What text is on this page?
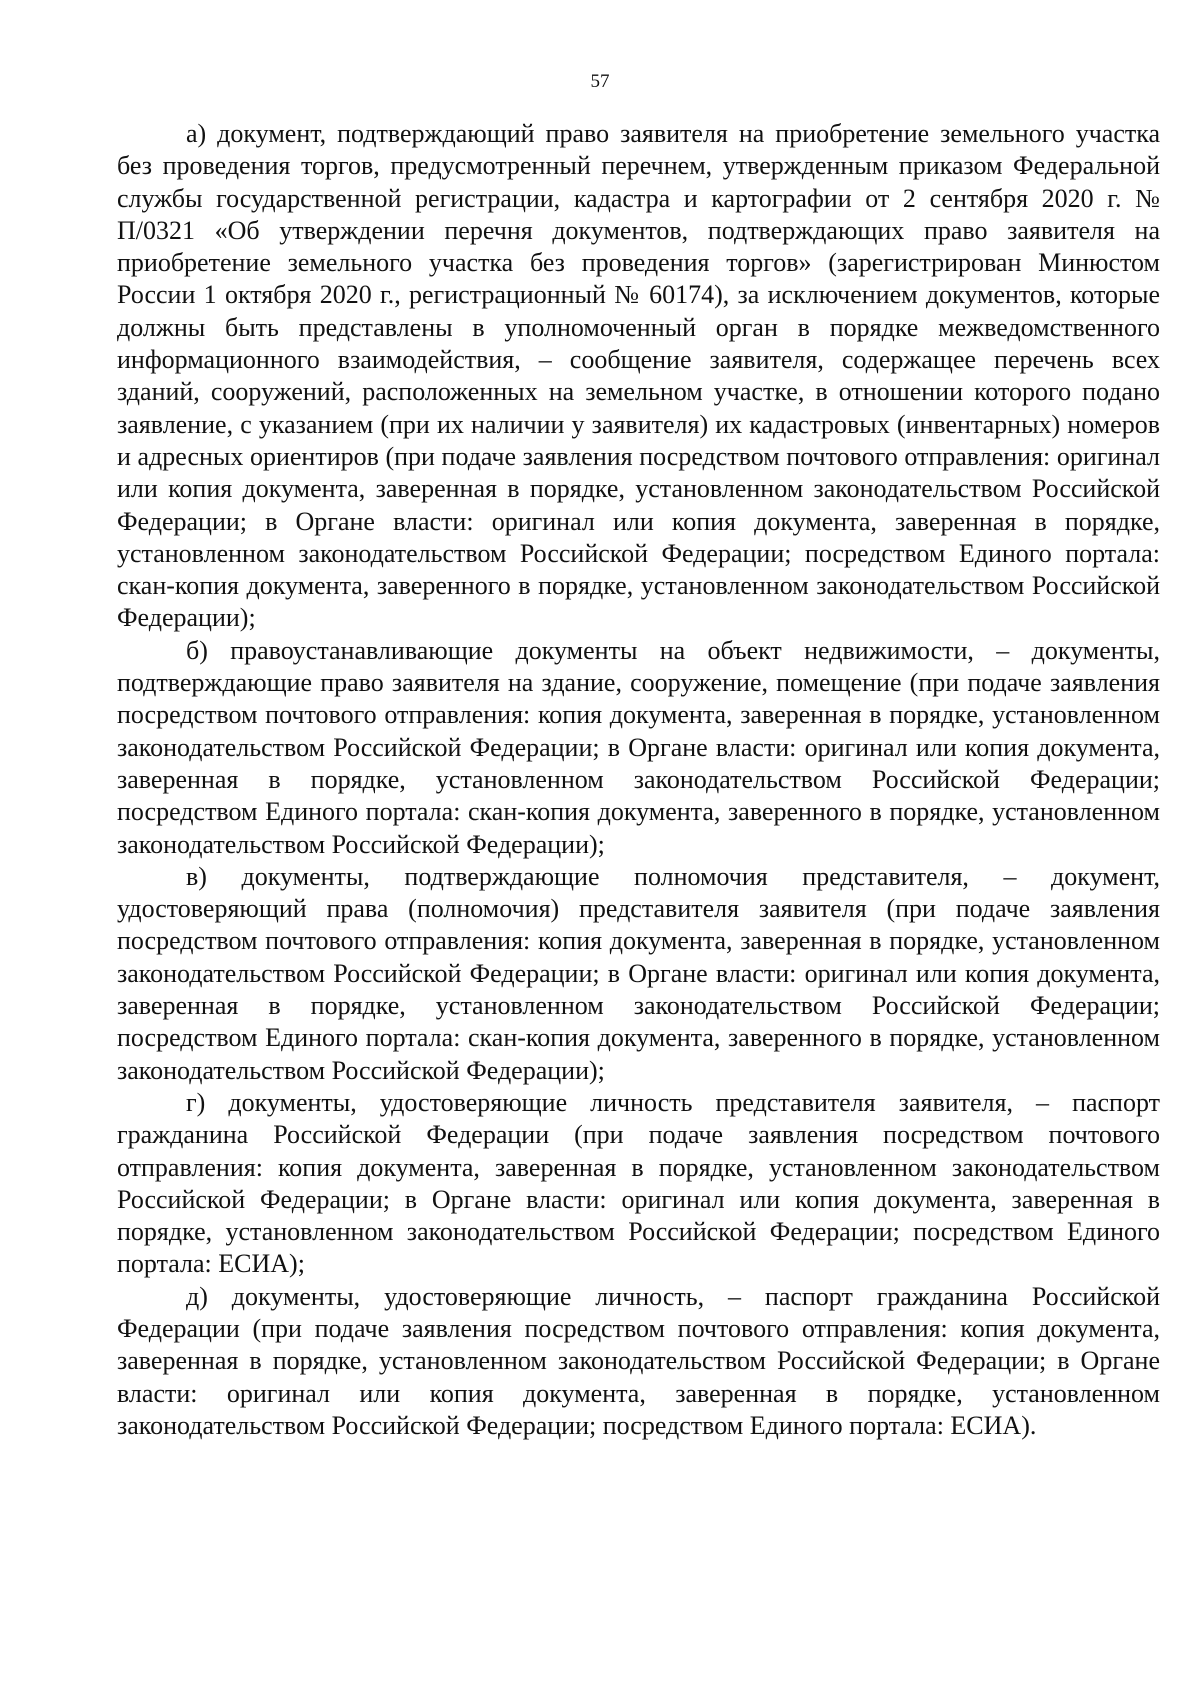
57

а) документ, подтверждающий право заявителя на приобретение земельного участка без проведения торгов, предусмотренный перечнем, утвержденным приказом Федеральной службы государственной регистрации, кадастра и картографии от 2 сентября 2020 г. № П/0321 «Об утверждении перечня документов, подтверждающих право заявителя на приобретение земельного участка без проведения торгов» (зарегистрирован Минюстом России 1 октября 2020 г., регистрационный № 60174), за исключением документов, которые должны быть представлены в уполномоченный орган в порядке межведомственного информационного взаимодействия, – сообщение заявителя, содержащее перечень всех зданий, сооружений, расположенных на земельном участке, в отношении которого подано заявление, с указанием (при их наличии у заявителя) их кадастровых (инвентарных) номеров и адресных ориентиров (при подаче заявления посредством почтового отправления: оригинал или копия документа, заверенная в порядке, установленном законодательством Российской Федерации; в Органе власти: оригинал или копия документа, заверенная в порядке, установленном законодательством Российской Федерации; посредством Единого портала: скан-копия документа, заверенного в порядке, установленном законодательством Российской Федерации);

б) правоустанавливающие документы на объект недвижимости, – документы, подтверждающие право заявителя на здание, сооружение, помещение (при подаче заявления посредством почтового отправления: копия документа, заверенная в порядке, установленном законодательством Российской Федерации; в Органе власти: оригинал или копия документа, заверенная в порядке, установленном законодательством Российской Федерации; посредством Единого портала: скан-копия документа, заверенного в порядке, установленном законодательством Российской Федерации);

в) документы, подтверждающие полномочия представителя, – документ, удостоверяющий права (полномочия) представителя заявителя (при подаче заявления посредством почтового отправления: копия документа, заверенная в порядке, установленном законодательством Российской Федерации; в Органе власти: оригинал или копия документа, заверенная в порядке, установленном законодательством Российской Федерации; посредством Единого портала: скан-копия документа, заверенного в порядке, установленном законодательством Российской Федерации);

г) документы, удостоверяющие личность представителя заявителя, – паспорт гражданина Российской Федерации (при подаче заявления посредством почтового отправления: копия документа, заверенная в порядке, установленном законодательством Российской Федерации; в Органе власти: оригинал или копия документа, заверенная в порядке, установленном законодательством Российской Федерации; посредством Единого портала: ЕСИА);

д) документы, удостоверяющие личность, – паспорт гражданина Российской Федерации (при подаче заявления посредством почтового отправления: копия документа, заверенная в порядке, установленном законодательством Российской Федерации; в Органе власти: оригинал или копия документа, заверенная в порядке, установленном законодательством Российской Федерации; посредством Единого портала: ЕСИА).
